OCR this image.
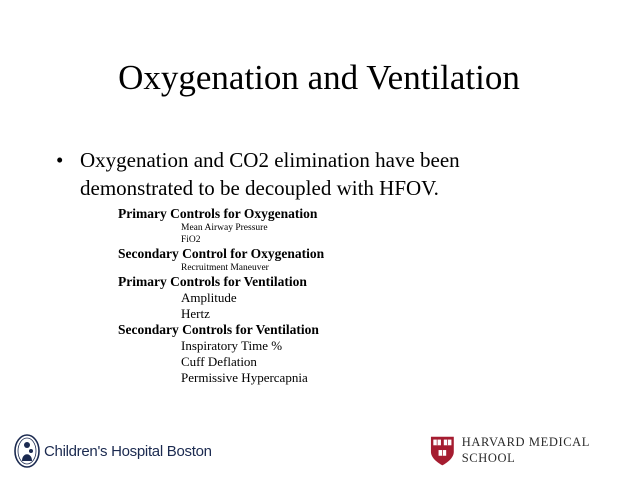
Oxygenation and Ventilation
• Oxygenation and CO2 elimination have been
demonstrated to be decoupled with HFOV.
Primary Controls for Oxygenation
Mean Airway Pressure
FiO2
Secondary Control for Oxygenation
Recruitment Maneuver
Primary Controls for Ventilation
Amplitude
Hertz
Secondary Controls for Ventilation
Inspiratory Time %
Cuff Deflation
Permissive Hypercapnia
Children's Hospital Boston
HARVARD MEDICAL SCHOOL
